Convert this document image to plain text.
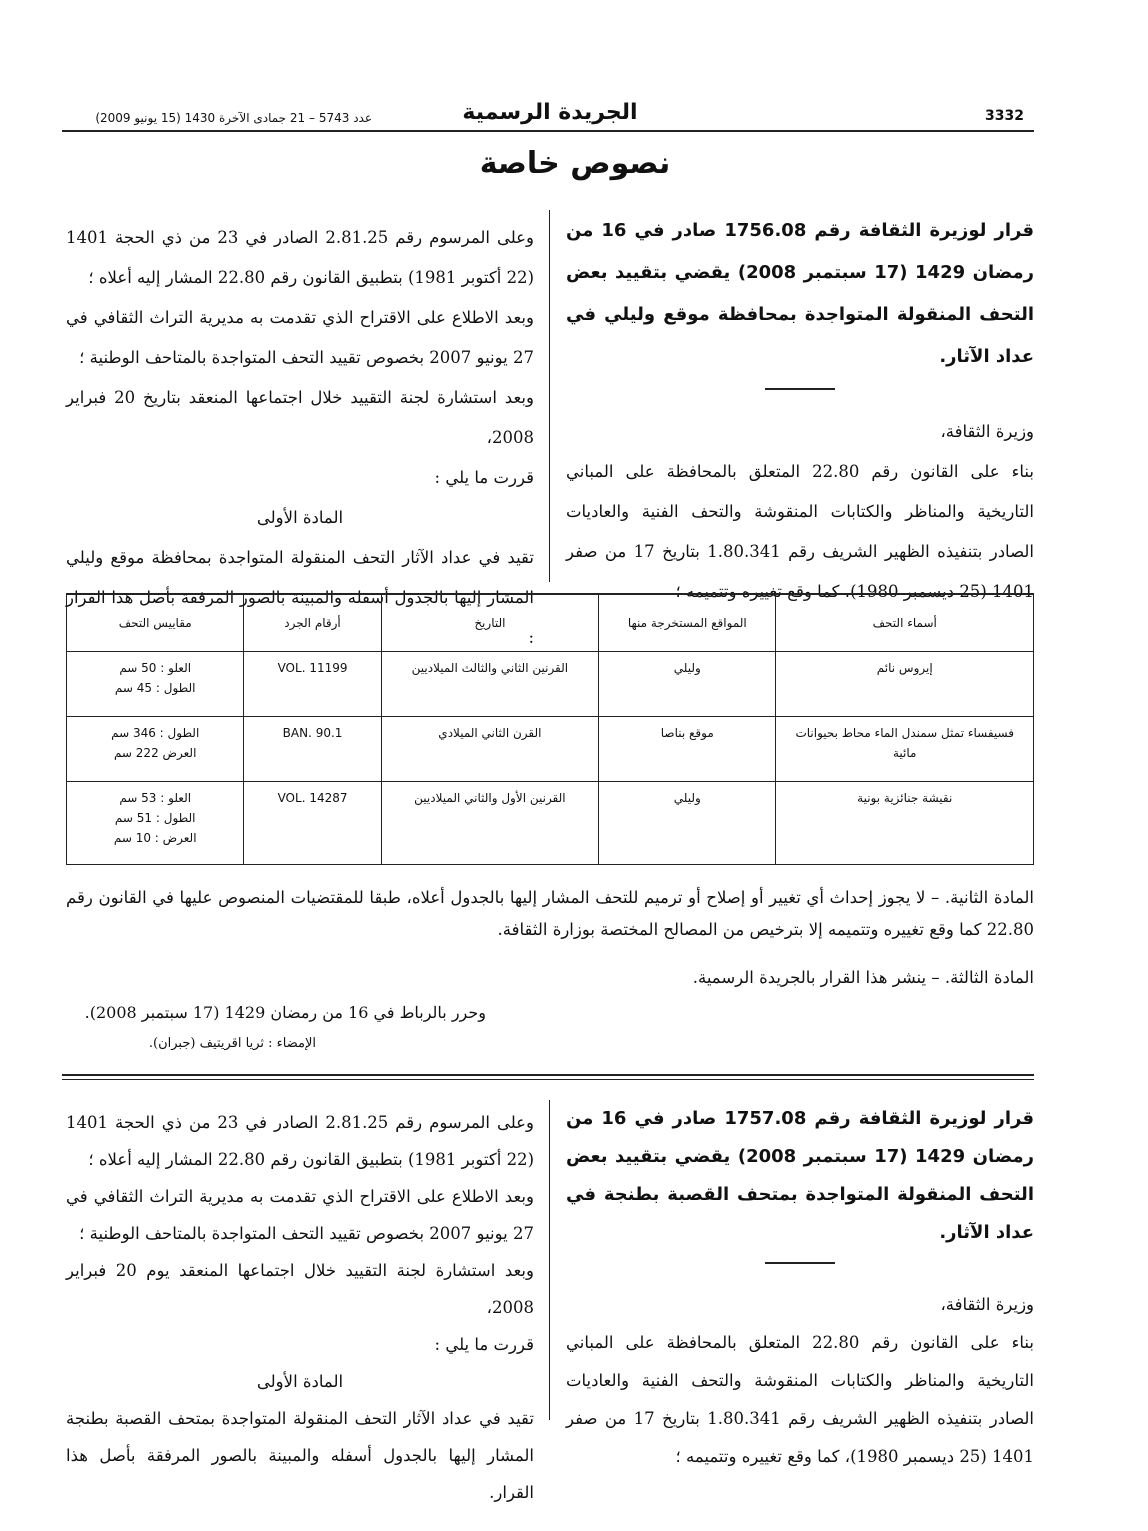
3332
الجريدة الرسمية
عدد 5743 – 21 جمادى الآخرة 1430 (15 يونيو 2009)
نصوص خاصة

قرار لوزيرة الثقافة رقم 1756.08 صادر في 16 من رمضان 1429 (17 سبتمبر 2008) يقضي بتقييد بعض التحف المنقولة المتواجدة بمحافظة موقع وليلي في عداد الآثار.

وزيرة الثقافة،

بناء على القانون رقم 22.80 المتعلق بالمحافظة على المباني التاريخية والمناظر والكتابات المنقوشة والتحف الفنية والعاديات الصادر بتنفيذه الظهير الشريف رقم 1.80.341 بتاريخ 17 من صفر 1401 (25 ديسمبر 1980)، كما وقع تغييره وتتميمه ؛

وعلى المرسوم رقم 2.81.25 الصادر في 23 من ذي الحجة 1401 (22 أكتوبر 1981) بتطبيق القانون رقم 22.80 المشار إليه أعلاه ؛

وبعد الاطلاع على الاقتراح الذي تقدمت به مديرية التراث الثقافي في 27 يونيو 2007 بخصوص تقييد التحف المتواجدة بالمتاحف الوطنية ؛

وبعد استشارة لجنة التقييد خلال اجتماعها المنعقد بتاريخ 20 فبراير 2008،

قررت ما يلي :

المادة الأولى

تقيد في عداد الآثار التحف المنقولة المتواجدة بمحافظة موقع وليلي المشار إليها بالجدول أسفله والمبينة بالصور المرفقة بأصل هذا القرار :

أسماء التحف	المواقع المستخرجة منها	التاريخ	أرقام الجرد	مقاييس التحف
إيروس نائم	وليلي	القرنين الثاني والثالث الميلاديين	VOL. 11199	العلو : 50 سم
الطول : 45 سم
فسيفساء تمثل سمندل الماء محاط بحيوانات مائية	موقع بناصا	القرن الثاني الميلادي	BAN. 90.1	الطول : 346 سم
العرض 222 سم
نقيشة جنائزية بونية	وليلي	القرنين الأول والثاني الميلاديين	VOL. 14287	العلو : 53 سم
الطول : 51 سم
العرض : 10 سم
المادة الثانية. – لا يجوز إحداث أي تغيير أو إصلاح أو ترميم للتحف المشار إليها بالجدول أعلاه، طبقا للمقتضيات المنصوص عليها في القانون رقم 22.80 كما وقع تغييره وتتميمه إلا بترخيص من المصالح المختصة بوزارة الثقافة.
المادة الثالثة. – ينشر هذا القرار بالجريدة الرسمية.
وحرر بالرباط في 16 من رمضان 1429 (17 سبتمبر 2008).
الإمضاء : ثريا اقريتيف (جبران).

قرار لوزيرة الثقافة رقم 1757.08 صادر في 16 من رمضان 1429 (17 سبتمبر 2008) يقضي بتقييد بعض التحف المنقولة المتواجدة بمتحف القصبة بطنجة في عداد الآثار.

وزيرة الثقافة،

بناء على القانون رقم 22.80 المتعلق بالمحافظة على المباني التاريخية والمناظر والكتابات المنقوشة والتحف الفنية والعاديات الصادر بتنفيذه الظهير الشريف رقم 1.80.341 بتاريخ 17 من صفر 1401 (25 ديسمبر 1980)، كما وقع تغييره وتتميمه ؛

وعلى المرسوم رقم 2.81.25 الصادر في 23 من ذي الحجة 1401 (22 أكتوبر 1981) بتطبيق القانون رقم 22.80 المشار إليه أعلاه ؛

وبعد الاطلاع على الاقتراح الذي تقدمت به مديرية التراث الثقافي في 27 يونيو 2007 بخصوص تقييد التحف المتواجدة بالمتاحف الوطنية ؛

وبعد استشارة لجنة التقييد خلال اجتماعها المنعقد يوم 20 فبراير 2008،

قررت ما يلي :

المادة الأولى

تقيد في عداد الآثار التحف المنقولة المتواجدة بمتحف القصبة بطنجة المشار إليها بالجدول أسفله والمبينة بالصور المرفقة بأصل هذا القرار.
